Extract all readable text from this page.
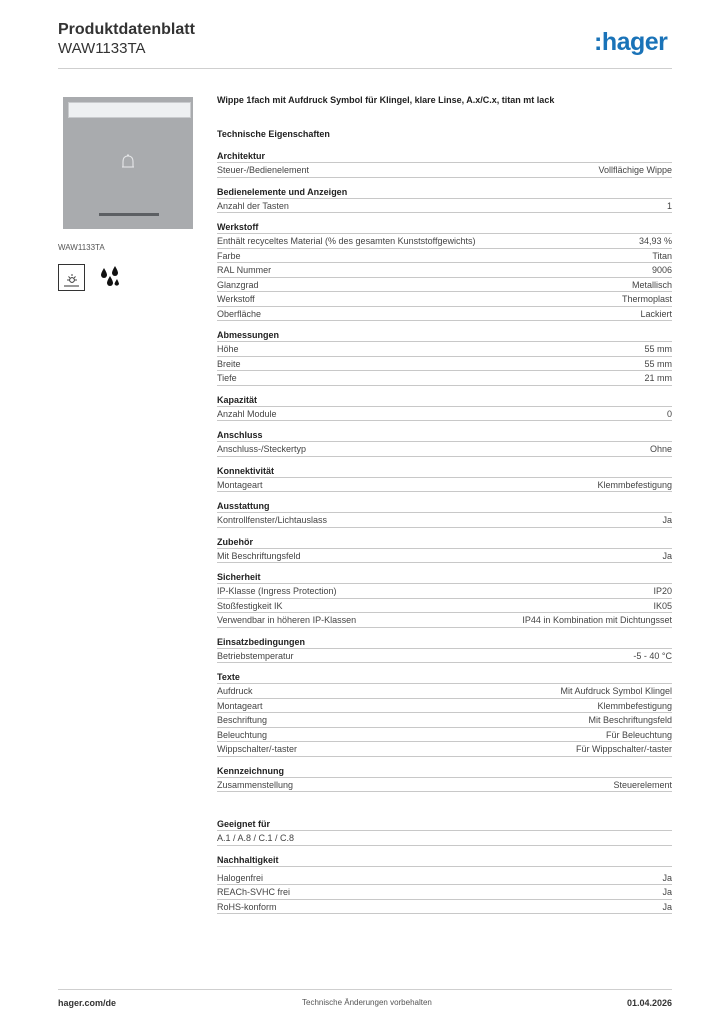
Produktdatenblatt
WAW1133TA	:hager
WAW1133TA
Wippe 1fach mit Aufdruck Symbol für Klingel, klare Linse, A.x/C.x, titan mt lack
Technische Eigenschaften
Architektur
Steuer-/Bedienelement	Vollflächige Wippe
Bedienelemente und Anzeigen
Anzahl der Tasten	1
Werkstoff
Enthält recyceltes Material (% des gesamten Kunststoffgewichts)	34,93 %
Farbe	Titan
RAL Nummer	9006
Glanzgrad	Metallisch
Werkstoff	Thermoplast
Oberfläche	Lackiert
Abmessungen
Höhe	55 mm
Breite	55 mm
Tiefe	21 mm
Kapazität
Anzahl Module	0
Anschluss
Anschluss-/Steckertyp	Ohne
Konnektivität
Montageart	Klemmbefestigung
Ausstattung
Kontrollfenster/Lichtauslass	Ja
Zubehör
Mit Beschriftungsfeld	Ja
Sicherheit
IP-Klasse (Ingress Protection)	IP20
Stoßfestigkeit IK	IK05
Verwendbar in höheren IP-Klassen	IP44 in Kombination mit Dichtungsset
Einsatzbedingungen
Betriebstemperatur	-5 - 40 °C
Texte
Aufdruck	Mit Aufdruck Symbol Klingel
Montageart	Klemmbefestigung
Beschriftung	Mit Beschriftungsfeld
Beleuchtung	Für Beleuchtung
Wippschalter/-taster	Für Wippschalter/-taster
Kennzeichnung
Zusammenstellung	Steuerelement
Geeignet für
A.1 / A.8 / C.1 / C.8
Nachhaltigkeit
Halogenfrei	Ja
REACh-SVHC frei	Ja
RoHS-konform	Ja
hager.com/de	Technische Änderungen vorbehalten	01.04.2026
